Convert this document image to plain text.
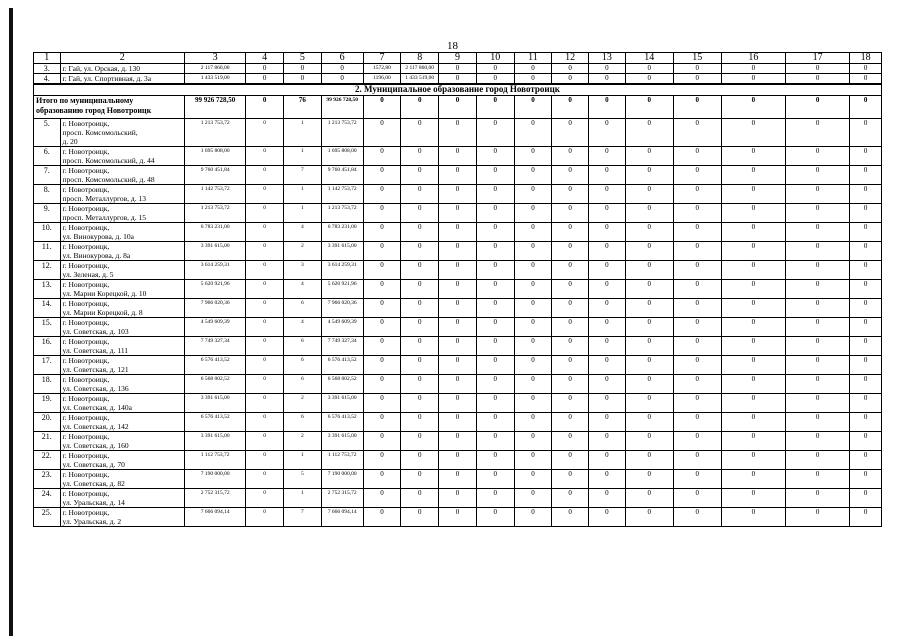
18
1	2	3	4	5	6	7	8	9	10	11	12	13	14	15	16	17	18
3.	г. Гай, ул. Орская, д. 130	2 117 860,00	0	0	0	1572,80	2 117 860,00	0	0	0	0	0	0	0	0	0	0
4.	г. Гай, ул. Спортивная, д. 3а	1 433 519,00	0	0	0	1196,00	1 433 519,00	0	0	0	0	0	0	0	0	0	0
2. Муниципальное образование город Новотроицк																	
Итого по муниципальному образованию город Новотроицк		99 926 728,50	0	76	99 926 728,50	0	0	0	0	0	0	0	0	0	0	0	0
5.	г. Новотроицк,
просп. Комсомольский,
д. 20	1 213 753,72	0	1	1 213 753,72	0	0	0	0	0	0	0	0	0	0	0	0
6.	г. Новотроицк,
просп. Комсомольский, д. 44	1 695 808,00	0	1	1 695 808,00	0	0	0	0	0	0	0	0	0	0	0	0
7.	г. Новотроицк,
просп. Комсомольский, д. 48	9 760 451,84	0	7	9 760 451,84	0	0	0	0	0	0	0	0	0	0	0	0
8.	г. Новотроицк,
просп. Металлургов, д. 13	1 142 753,72	0	1	1 142 753,72	0	0	0	0	0	0	0	0	0	0	0	0
9.	г. Новотроицк,
просп. Металлургов, д. 15	1 213 753,72	0	1	1 213 753,72	0	0	0	0	0	0	0	0	0	0	0	0
10.	г. Новотроицк,
ул. Винокурова, д. 10а	6 783 231,00	0	4	6 783 231,00	0	0	0	0	0	0	0	0	0	0	0	0
11.	г. Новотроицк,
ул. Винокурова, д. 8а	3 391 615,00	0	2	3 391 615,00	0	0	0	0	0	0	0	0	0	0	0	0
12.	г. Новотроицк,
ул. Зеленая, д. 5	3 614 259,31	0	3	3 614 259,31	0	0	0	0	0	0	0	0	0	0	0	0
13.	г. Новотроицк,
ул. Марии Корецкой, д. 10	5 620 921,96	0	4	5 620 921,96	0	0	0	0	0	0	0	0	0	0	0	0
14.	г. Новотроицк,
ул. Марии Корецкой, д. 8	7 966 020,36	0	6	7 966 020,36	0	0	0	0	0	0	0	0	0	0	0	0
15.	г. Новотроицк,
ул. Советская, д. 103	4 549 609,39	0	4	4 549 609,39	0	0	0	0	0	0	0	0	0	0	0	0
16.	г. Новотроицк,
ул. Советская, д. 111	7 749 327,34	0	6	7 749 327,34	0	0	0	0	0	0	0	0	0	0	0	0
17.	г. Новотроицк,
ул. Советская, д. 121	6 576 413,52	0	6	6 576 413,52	0	0	0	0	0	0	0	0	0	0	0	0
18.	г. Новотроицк,
ул. Советская, д. 136	6 568 002,52	0	6	6 568 002,52	0	0	0	0	0	0	0	0	0	0	0	0
19.	г. Новотроицк,
ул. Советская, д. 140а	3 391 615,00	0	2	3 391 615,00	0	0	0	0	0	0	0	0	0	0	0	0
20.	г. Новотроицк,
ул. Советская, д. 142	6 576 413,52	0	6	6 576 413,52	0	0	0	0	0	0	0	0	0	0	0	0
21.	г. Новотроицк,
ул. Советская, д. 160	3 391 615,00	0	2	3 391 615,00	0	0	0	0	0	0	0	0	0	0	0	0
22.	г. Новотроицк,
ул. Советская, д. 70	1 112 753,72	0	1	1 112 753,72	0	0	0	0	0	0	0	0	0	0	0	0
23.	г. Новотроицк,
ул. Советская, д. 82	7 190 000,00	0	5	7 190 000,00	0	0	0	0	0	0	0	0	0	0	0	0
24.	г. Новотроицк,
ул. Уральская, д. 14	2 752 315,72	0	1	2 752 315,72	0	0	0	0	0	0	0	0	0	0	0	0
25.	г. Новотроицк,
ул. Уральская, д. 2	7 666 094,14	0	7	7 666 094,14	0	0	0	0	0	0	0	0	0	0	0	0
